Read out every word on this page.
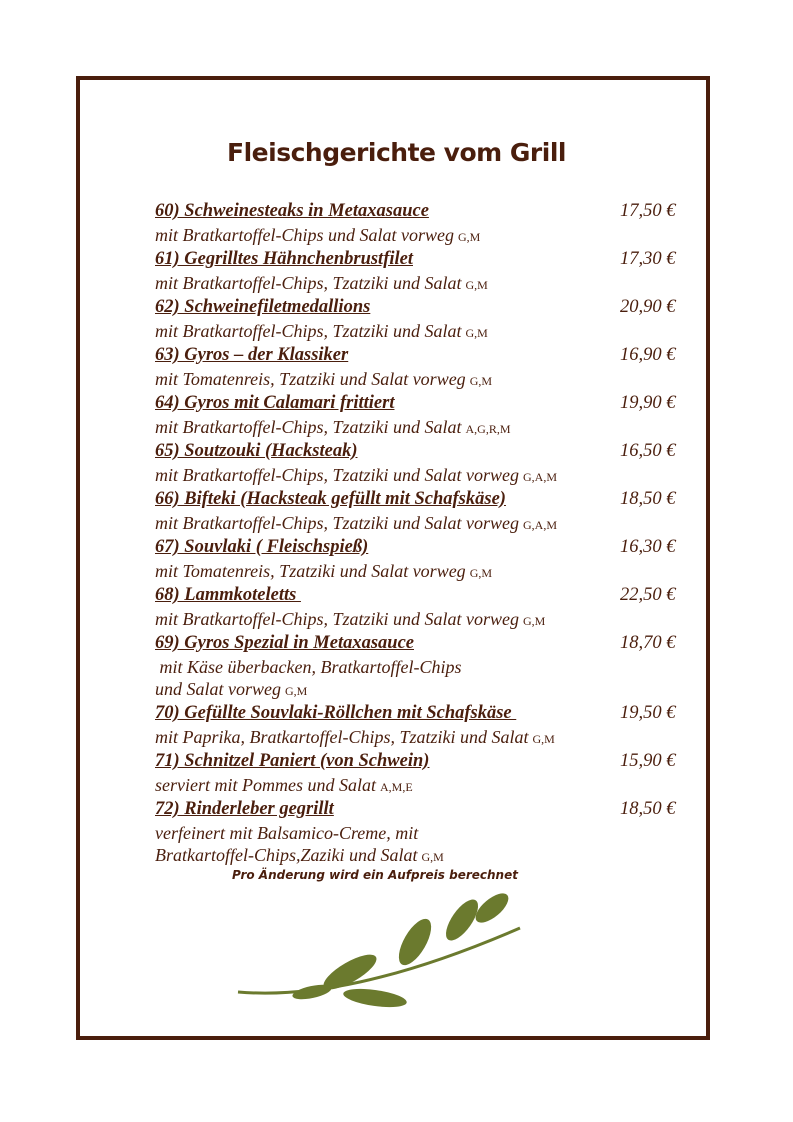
Fleischgerichte vom Grill
60) Schweinesteaks in Metaxasauce	17,50 €
mit Bratkartoffel-Chips und Salat vorweg G,M
61) Gegrilltes Hähnchenbrustfilet	17,30 €
mit Bratkartoffel-Chips, Tzatziki und Salat G,M
62) Schweinefiletmedallions	20,90 €
mit Bratkartoffel-Chips, Tzatziki und Salat G,M
63) Gyros – der Klassiker	16,90 €
mit Tomatenreis, Tzatziki und Salat vorweg G,M
64) Gyros mit Calamari frittiert	19,90 €
mit Bratkartoffel-Chips, Tzatziki und Salat A,G,R,M
65) Soutzouki (Hacksteak)	16,50 €
mit Bratkartoffel-Chips, Tzatziki und Salat vorweg G,A,M
66) Bifteki (Hacksteak gefüllt mit Schafskäse)	18,50 €
mit Bratkartoffel-Chips, Tzatziki und Salat vorweg G,A,M
67) Souvlaki ( Fleischspieß)	16,30 €
mit Tomatenreis, Tzatziki und Salat vorweg G,M
68) Lammkoteletts	22,50 €
mit Bratkartoffel-Chips, Tzatziki und Salat vorweg G,M
69) Gyros Spezial in Metaxasauce	18,70 €
mit Käse überbacken, Bratkartoffel-Chips
und Salat vorweg G,M
70) Gefüllte Souvlaki-Röllchen mit Schafskäse	19,50 €
mit Paprika, Bratkartoffel-Chips, Tzatziki und Salat G,M
71) Schnitzel Paniert (von Schwein)	15,90 €
serviert mit Pommes und Salat A,M,E
72) Rinderleber gegrillt	18,50 €
verfeinert mit Balsamico-Creme, mit
Bratkartoffel-Chips,Zaziki und Salat G,M
Pro Änderung wird ein Aufpreis berechnet
